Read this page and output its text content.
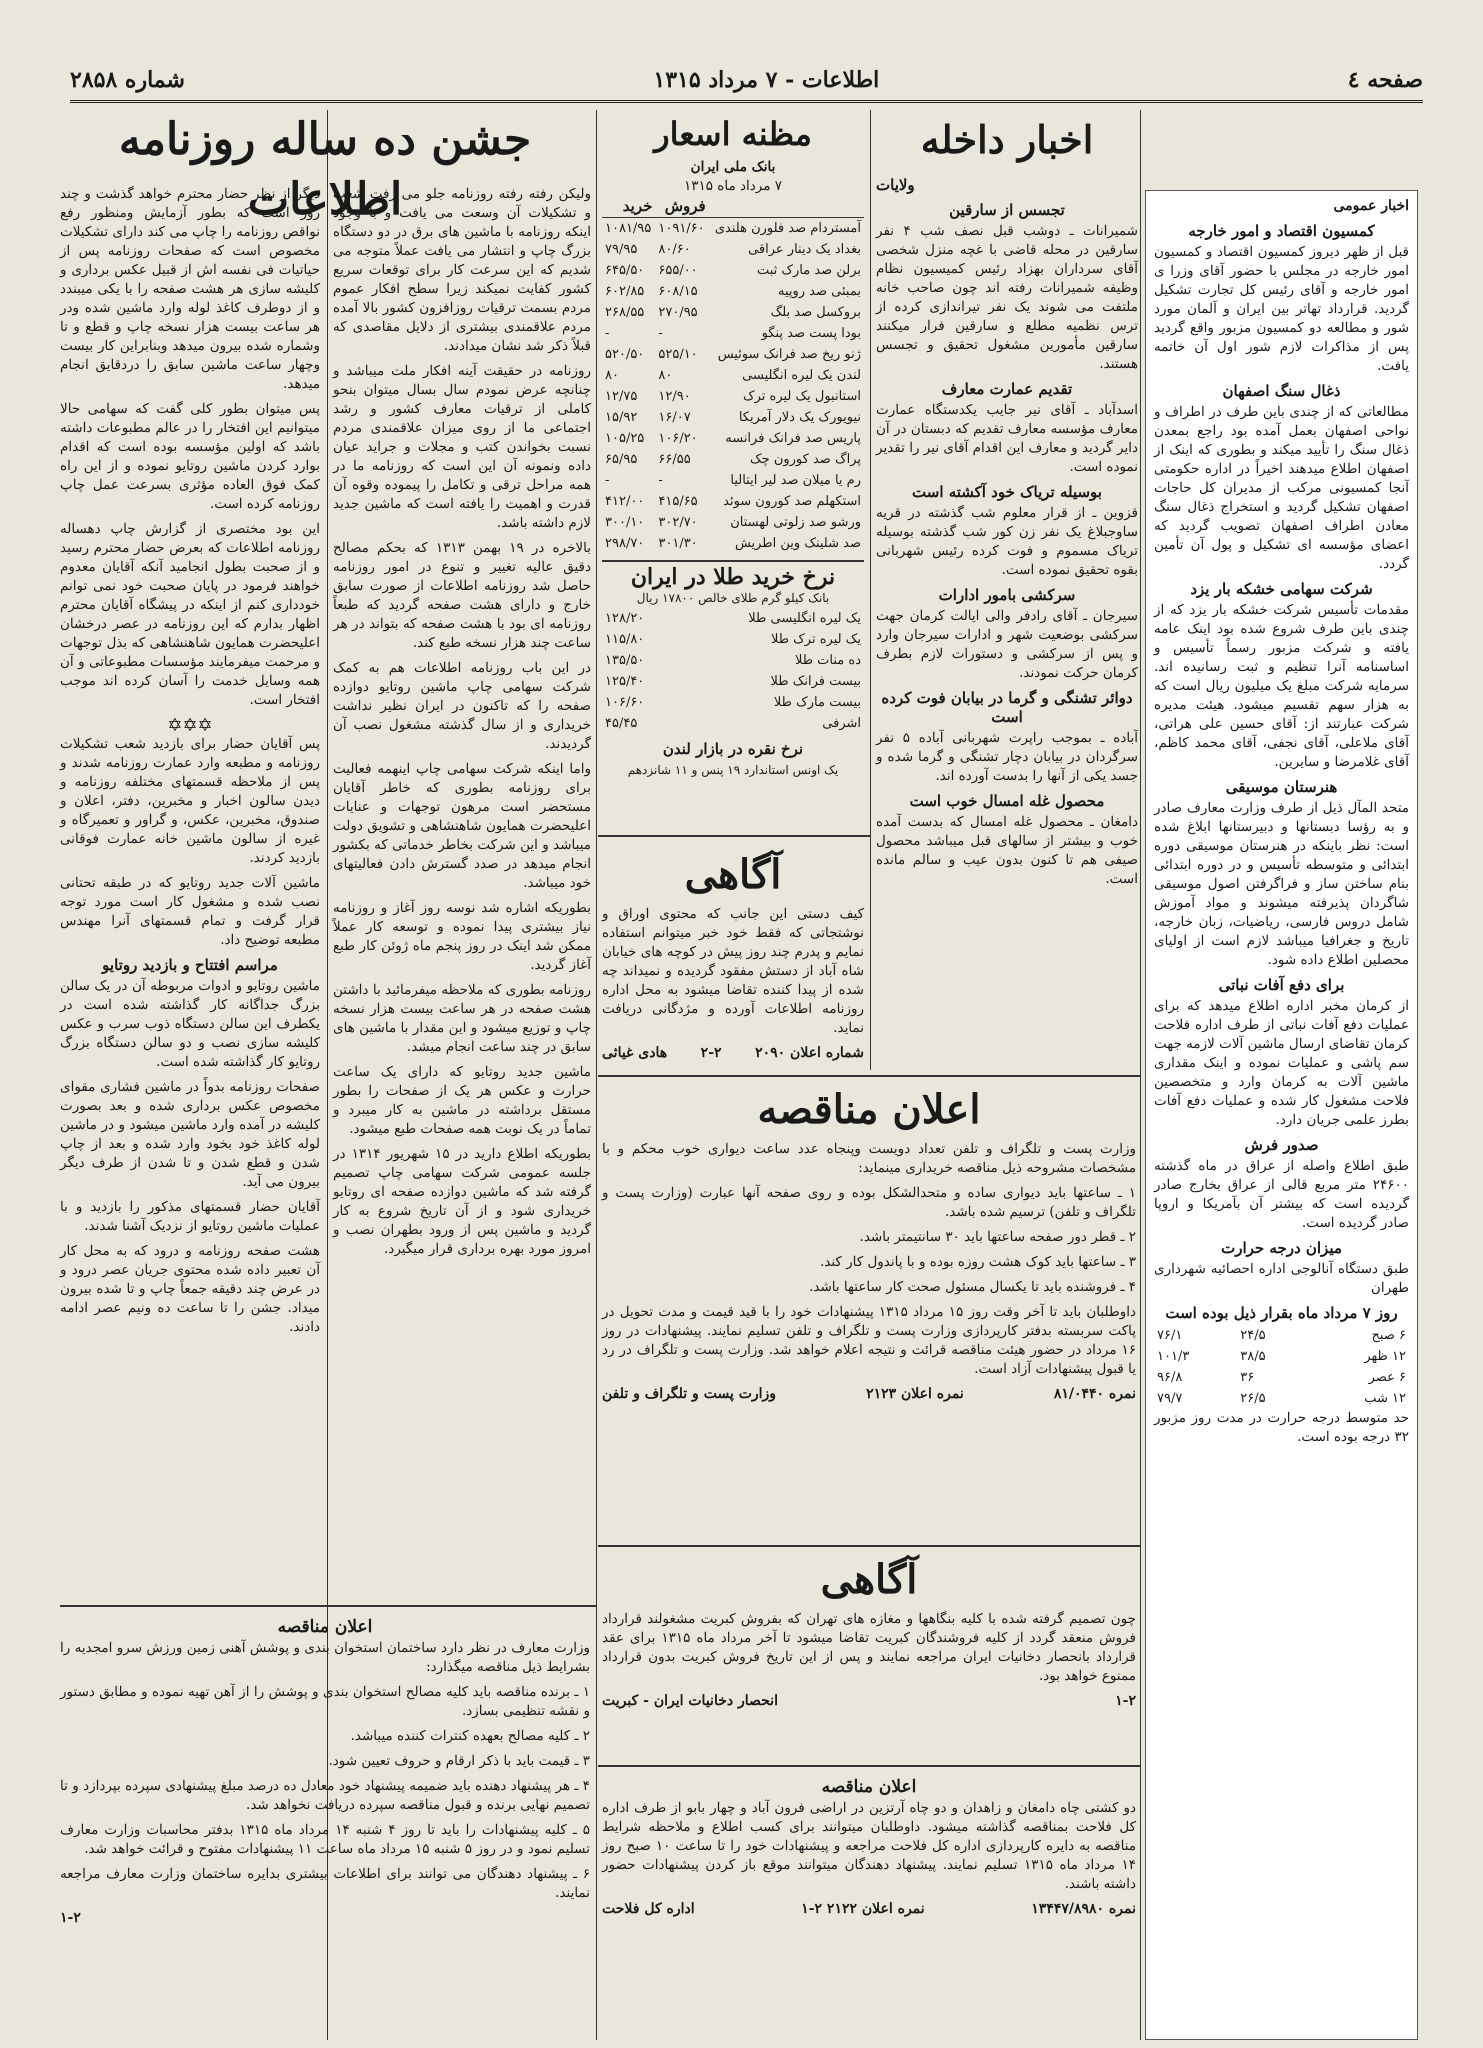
صفحه ٤
اطلاعات - ٧ مرداد ۱۳۱۵
شماره ۲۸۵۸
جشن ده ساله روزنامه اطلاعات

دیگر از نظر حضار محترم خواهد گذشت و چند روز است که بطور آزمایش ومنظور رفع نواقص روزنامه را چاپ می کند دارای تشکیلات مخصوص است که صفحات روزنامه پس از حیاتیات فی نفسه اش از قبیل عکس برداری و کلیشه سازی هر هشت صفحه را با یکی میبندد و از دوطرف کاغذ لوله وارد ماشین شده ودر هر ساعت بیست هزار نسخه چاپ و قطع و تا وشماره شده بیرون میدهد وبنابراین کار بیست وچهار ساعت ماشین سابق را دردقایق انجام میدهد.

پس میتوان بطور کلی گفت که سهامی حالا میتوانیم این افتخار را در عالم مطبوعات داشته باشد که اولین مؤسسه بوده است که اقدام بوارد کردن ماشین روتایو نموده و از این راه کمک فوق العاده مؤثری بسرعت عمل چاپ روزنامه کرده است.

این بود مختصری از گزارش چاپ دهساله روزنامه اطلاعات که بعرض حضار محترم رسید و از صحبت بطول انجامید آنکه آقایان معدوم خواهند فرمود در پایان صحبت خود نمی توانم خودداری کنم از اینکه در پیشگاه آقایان محترم اظهار بدارم که این روزنامه در عصر درخشان اعلیحضرت همایون شاهنشاهی که بذل توجهات و مرحمت میفرمایند مؤسسات مطبوعاتی و آن همه وسایل خدمت را آسان کرده اند موجب افتخار است.

✡✡✡

پس آقایان حضار برای بازدید شعب تشکیلات روزنامه و مطبعه وارد عمارت روزنامه شدند و پس از ملاحظه قسمتهای مختلفه روزنامه و دیدن سالون اخبار و مخبرین، دفتر، اعلان و صندوق، مخبرین، عکس، و گراور و تعمیرگاه و غیره از سالون ماشین خانه عمارت فوقانی بازدید کردند.

ماشین آلات جدید روتایو که در طبقه تحتانی نصب شده و مشغول کار است مورد توجه قرار گرفت و تمام قسمتهای آنرا مهندس مطبعه توضیح داد.

مراسم افتتاح و بازدید روتایو

ماشین روتایو و ادوات مربوطه آن در یک سالن بزرگ جداگانه کار گذاشته شده است در یکطرف این سالن دستگاه ذوب سرب و عکس کلیشه سازی نصب و دو سالن دستگاه بزرگ روتایو کار گذاشته شده است.

صفحات روزنامه بدواً در ماشین فشاری مقوای مخصوص عکس برداری شده و بعد بصورت کلیشه در آمده وارد ماشین میشود و در ماشین لوله کاغذ خود بخود وارد شده و بعد از چاپ شدن و قطع شدن و تا شدن از طرف دیگر بیرون می آید.

آقایان حضار قسمتهای مذکور را بازدید و با عملیات ماشین روتایو از نزدیک آشنا شدند.

هشت صفحه روزنامه و درود که به محل کار آن تعبیر داده شده محتوی جریان عصر درود و در عرض چند دقیقه جمعاً چاپ و تا شده بیرون میداد. جشن را تا ساعت ده ونیم عصر ادامه دادند.

ولیکن رفته رفته روزنامه جلو می رفت شعب و تشکیلات آن وسعت می یافت و با وجود اینکه روزنامه با ماشین های برق در دو دستگاه بزرگ چاپ و انتشار می یافت عملاً متوجه می شدیم که این سرعت کار برای توقعات سریع کشور کفایت نمیکند زیرا سطح افکار عموم مردم بسمت ترقیات روزافزون کشور بالا آمده مردم علاقمندی بیشتری از دلایل مقاصدی که قبلاً ذکر شد نشان میدادند.

روزنامه در حقیقت آینه افکار ملت میباشد و چنانچه عرض نمودم سال بسال میتوان بنحو کاملی از ترقیات معارف کشور و رشد اجتماعی ما از روی میزان علاقمندی مردم نسبت بخواندن کتب و مجلات و جراید عیان داده ونمونه آن این است که روزنامه ما در همه مراحل ترقی و تکامل را پیموده وقوه آن قدرت و اهمیت را یافته است که ماشین جدید لازم داشته باشد.

بالاخره در ۱۹ بهمن ۱۳۱۳ که بحکم مصالح دقیق عالیه تغییر و تنوع در امور روزنامه حاصل شد روزنامه اطلاعات از صورت سابق خارج و دارای هشت صفحه گردید که طبعاً روزنامه ای بود با هشت صفحه که بتواند در هر ساعت چند هزار نسخه طبع کند.

در این باب روزنامه اطلاعات هم به کمک شرکت سهامی چاپ ماشین روتایو دوازده صفحه را که تاکنون در ایران نظیر نداشت خریداری و از سال گذشته مشغول نصب آن گردیدند.

واما اینکه شرکت سهامی چاپ اینهمه فعالیت برای روزنامه بطوری که خاطر آقایان مستحضر است مرهون توجهات و عنایات اعلیحضرت همایون شاهنشاهی و تشویق دولت میباشد و این شرکت بخاطر خدماتی که بکشور انجام میدهد در صدد گسترش دادن فعالیتهای خود میباشد.

بطوریکه اشاره شد نوسه روز آغاز و روزنامه نیاز بیشتری پیدا نموده و توسعه کار عملاً ممکن شد اینک در روز پنجم ماه ژوئن کار طبع آغاز گردید.

روزنامه بطوری که ملاحظه میفرمائید با داشتن هشت صفحه در هر ساعت بیست هزار نسخه چاپ و توزیع میشود و این مقدار با ماشین های سابق در چند ساعت انجام میشد.

ماشین جدید روتایو که دارای یک ساعت حرارت و عکس هر یک از صفحات را بطور مستقل برداشته در ماشین به کار میبرد و تماماً در یک نوبت همه صفحات طبع میشود.

بطوریکه اطلاع دارید در ۱۵ شهریور ۱۳۱۴ در جلسه عمومی شرکت سهامی چاپ تصمیم گرفته شد که ماشین دوازده صفحه ای روتایو خریداری شود و از آن تاریخ شروع به کار گردید و ماشین پس از ورود بطهران نصب و امروز مورد بهره برداری قرار میگیرد.

اعلان مناقصه

وزارت معارف در نظر دارد ساختمان استخوان بندی و پوشش آهنی زمین ورزش سرو امجدیه را بشرایط ذیل مناقصه میگذارد:

۱ ـ برنده مناقصه باید کلیه مصالح استخوان بندی و پوشش را از آهن تهیه نموده و مطابق دستور و نقشه تنظیمی بسازد.

۲ ـ کلیه مصالح بعهده کنترات کننده میباشد.

۳ ـ قیمت باید با ذکر ارقام و حروف تعیین شود.

۴ ـ هر پیشنهاد دهنده باید ضمیمه پیشنهاد خود معادل ده درصد مبلغ پیشنهادی سپرده بپردازد و تا تصمیم نهایی برنده و قبول مناقصه سپرده دریافت نخواهد شد.

۵ ـ کلیه پیشنهادات را باید تا روز ۴ شنبه ۱۴ مرداد ماه ۱۳۱۵ بدفتر محاسبات وزارت معارف تسلیم نمود و در روز ۵ شنبه ۱۵ مرداد ماه ساعت ۱۱ پیشنهادات مفتوح و قرائت خواهد شد.

۶ ـ پیشنهاد دهندگان می توانند برای اطلاعات بیشتری بدایره ساختمان وزارت معارف مراجعه نمایند.

۱-۲
مظنه اسعار
بانک ملی ایران
۷ مرداد ماه ۱۳۱۵
	فروش	خرید
آمستردام صد فلورن هلندی	۱۰۹۱/۶۰	۱۰۸۱/۹۵
بغداد یک دینار عراقی	۸۰/۶۰	۷۹/۹۵
برلن صد مارک ثبت	۶۵۵/۰۰	۶۴۵/۵۰
بمبئی صد روپیه	۶۰۸/۱۵	۶۰۲/۸۵
بروکسل صد بلگ	۲۷۰/۹۵	۲۶۸/۵۵
بودا پست صد پنگو	-	-
ژنو ریخ صد فرانک سوئیس	۵۲۵/۱۰	۵۲۰/۵۰
لندن یک لیره انگلیسی	۸۰	۸۰
استانبول یک لیره ترک	۱۲/۹۰	۱۲/۷۵
نیویورک یک دلار آمریکا	۱۶/۰۷	۱۵/۹۲
پاریس صد فرانک فرانسه	۱۰۶/۲۰	۱۰۵/۲۵
پراگ صد کورون چک	۶۶/۵۵	۶۵/۹۵
رم یا میلان صد لیر ایتالیا	-	-
استکهلم صد کورون سوئد	۴۱۵/۶۵	۴۱۲/۰۰
ورشو صد زلوتی لهستان	۳۰۲/۷۰	۳۰۰/۱۰
صد شلینک وین اطریش	۳۰۱/۳۰	۲۹۸/۷۰
نرخ خرید طلا در ایران
بانک کیلو گرم طلای خالص ۱۷۸۰۰ ریال
یک لیره انگلیسی طلا	۱۲۸/۲۰
یک لیره ترک طلا	۱۱۵/۸۰
ده منات طلا	۱۳۵/۵۰
بیست فرانک طلا	۱۲۵/۴۰
بیست مارک طلا	۱۰۶/۶۰
اشرفی	۴۵/۴۵
نرخ نقره در بازار لندن
یک اونس استاندارد ۱۹ پنس و ۱۱ شانزدهم
آگاهی

کیف دستی این جانب که محتوی اوراق و نوشتجاتی که فقط خود خبر میتوانم استفاده نمایم و پدرم چند روز پیش در کوچه های خیابان شاه آباد از دستش مفقود گردیده و نمیداند چه شده از پیدا کننده تقاضا میشود به محل اداره روزنامه اطلاعات آورده و مژدگانی دریافت نماید.

شماره اعلان ۲۰۹۰
۲-۲
هادی غیاثی
اخبار داخله
ولایات
تجسس از سارقین

شمیرانات ـ دوشب قبل نصف شب ۴ نفر سارقین در محله قاضی با غچه منزل شخصی آقای سرداران بهزاد رئیس کمیسیون نظام وظیفه شمیرانات رفته اند چون صاحب خانه ملتفت می شوند یک نفر تیراندازی کرده از ترس نظمیه مطلع و سارقین فرار میکنند سارقین مأمورین مشغول تحقیق و تجسس هستند.

تقدیم عمارت معارف

اسدآباد ـ آقای نیر جایب یکدستگاه عمارت معارف مؤسسه معارف تقدیم که دبستان در آن دایر گردید و معارف این اقدام آقای نیر را تقدیر نموده است.

بوسیله تریاک خود آکشته است

قزوین ـ از قرار معلوم شب گذشته در قریه ساوجبلاغ یک نفر زن کور شب گذشته بوسیله تریاک مسموم و فوت کرده رئیس شهربانی بقوه تحقیق نموده است.

سرکشی بامور ادارات

سیرجان ـ آقای رادفر والی ایالت کرمان جهت سرکشی بوضعیت شهر و ادارات سیرجان وارد و پس از سرکشی و دستورات لازم بطرف کرمان حرکت نمودند.

دوائر تشنگی و گرما در بیابان فوت کرده است

آباده ـ بموجب راپرت شهربانی آباده ۵ نفر سرگردان در بیابان دچار تشنگی و گرما شده و جسد یکی از آنها را بدست آورده اند.

محصول غله امسال خوب است

دامغان ـ محصول غله امسال که بدست آمده خوب و بیشتر از سالهای قبل میباشد محصول صیفی هم تا کنون بدون عیب و سالم مانده است.

اعلان مناقصه

وزارت پست و تلگراف و تلفن تعداد دویست وپنجاه عدد ساعت دیواری خوب محکم و با مشخصات مشروحه ذیل مناقصه خریداری مینماید:

۱ ـ ساعتها باید دیواری ساده و متحدالشکل بوده و روی صفحه آنها عبارت (وزارت پست و تلگراف و تلفن) ترسیم شده باشد.

۲ ـ قطر دور صفحه ساعتها باید ۳۰ سانتیمتر باشد.

۳ ـ ساعتها باید کوک هشت روزه بوده و با پاندول کار کند.

۴ ـ فروشنده باید تا یکسال مسئول صحت کار ساعتها باشد.

داوطلبان باید تا آخر وقت روز ۱۵ مرداد ۱۳۱۵ پیشنهادات خود را با قید قیمت و مدت تحویل در پاکت سربسته بدفتر کارپردازی وزارت پست و تلگراف و تلفن تسلیم نمایند. پیشنهادات در روز ۱۶ مرداد در حضور هیئت مناقصه قرائت و نتیجه اعلام خواهد شد. وزارت پست و تلگراف در رد یا قبول پیشنهادات آزاد است.

نمره ۸۱/۰۴۴۰
نمره اعلان ۲۱۲۳
وزارت پست و تلگراف و تلفن
آگاهی

چون تصمیم گرفته شده با کلیه بنگاهها و مغازه های تهران که بفروش کبریت مشغولند قرارداد فروش منعقد گردد از کلیه فروشندگان کبریت تقاضا میشود تا آخر مرداد ماه ۱۳۱۵ برای عقد قرارداد بانحصار دخانیات ایران مراجعه نمایند و پس از این تاریخ فروش کبریت بدون قرارداد ممنوع خواهد بود.

۱-۲
انحصار دخانیات ایران - کبریت
اعلان مناقصه

دو کشتی چاه دامغان و زاهدان و دو چاه آرتزین در اراضی فرون آباد و چهار بابو از طرف اداره کل فلاحت بمناقصه گذاشته میشود. داوطلبان میتوانند برای کسب اطلاع و ملاحظه شرایط مناقصه به دایره کارپردازی اداره کل فلاحت مراجعه و پیشنهادات خود را تا ساعت ۱۰ صبح روز ۱۴ مرداد ماه ۱۳۱۵ تسلیم نمایند. پیشنهاد دهندگان میتوانند موقع باز کردن پیشنهادات حضور داشته باشند.

نمره ۱۳۴۴۷/۸۹۸۰
نمره اعلان ۲۱۲۲ ۲-۱
اداره کل فلاحت
اخبار عمومی
کمسیون اقتصاد و امور خارجه

قبل از ظهر دیروز کمسیون اقتصاد و کمسیون امور خارجه در مجلس با حضور آقای وزرا ی امور خارجه و آقای رئیس کل تجارت تشکیل گردید. قرارداد تهاتر بین ایران و آلمان مورد شور و مطالعه دو کمسیون مزبور واقع گردید پس از مذاکرات لازم شور اول آن خاتمه یافت.

ذغال سنگ اصفهان

مطالعاتی که از چندی باین طرف در اطراف و نواحی اصفهان بعمل آمده بود راجع بمعدن ذغال سنگ را تأیید میکند و بطوری که اینک از اصفهان اطلاع میدهند اخیراً در اداره حکومتی آنجا کمسیونی مرکب از مدیران کل حاجات اصفهان تشکیل گردید و استخراج ذغال سنگ معادن اطراف اصفهان تصویب گردید که اعضای مؤسسه ای تشکیل و پول آن تأمین گردد.

شرکت سهامی خشکه بار یزد

مقدمات تأسیس شرکت خشکه بار یزد که از چندی باین طرف شروع شده بود اینک عامه یافته و شرکت مزبور رسماً تأسیس و اساسنامه آنرا تنظیم و ثبت رسانیده اند. سرمایه شرکت مبلغ یک میلیون ریال است که به هزار سهم تقسیم میشود. هیئت مدیره شرکت عبارتند از: آقای حسین علی هراتی، آقای ملاعلی، آقای نجفی، آقای محمد کاظم، آقای غلامرضا و سایرین.

هنرستان موسیقی

متحد المآل ذیل از طرف وزارت معارف صادر و به رؤسا دبستانها و دبیرستانها ابلاغ شده است: نظر باینکه در هنرستان موسیقی دوره ابتدائی و متوسطه تأسیس و در دوره ابتدائی بنام ساختن ساز و فراگرفتن اصول موسیقی شاگردان پذیرفته میشوند و مواد آموزش شامل دروس فارسی، ریاضیات، زبان خارجه، تاریخ و جغرافیا میباشد لازم است از اولیای محصلین اطلاع داده شود.

برای دفع آفات نباتی

از کرمان مخبر اداره اطلاع میدهد که برای عملیات دفع آفات نباتی از طرف اداره فلاحت کرمان تقاضای ارسال ماشین آلات لازمه جهت سم پاشی و عملیات نموده و اینک مقداری ماشین آلات به کرمان وارد و متخصصین فلاحت مشغول کار شده و عملیات دفع آفات بطرز علمی جریان دارد.

صدور فرش

طبق اطلاع واصله از عراق در ماه گذشته ۲۴۶۰۰ متر مربع قالی از عراق بخارج صادر گردیده است که بیشتر آن بآمریکا و اروپا صادر گردیده است.

میزان درجه حرارت

طبق دستگاه آنالوجی اداره احصائیه شهرداری طهران

روز ۷ مرداد ماه بقرار ذیل بوده است
۶ صبح	۲۴/۵	۷۶/۱
۱۲ ظهر	۳۸/۵	۱۰۱/۳
۶ عصر	۳۶	۹۶/۸
۱۲ شب	۲۶/۵	۷۹/۷

حد متوسط درجه حرارت در مدت روز مزبور ۳۲ درجه بوده است.
